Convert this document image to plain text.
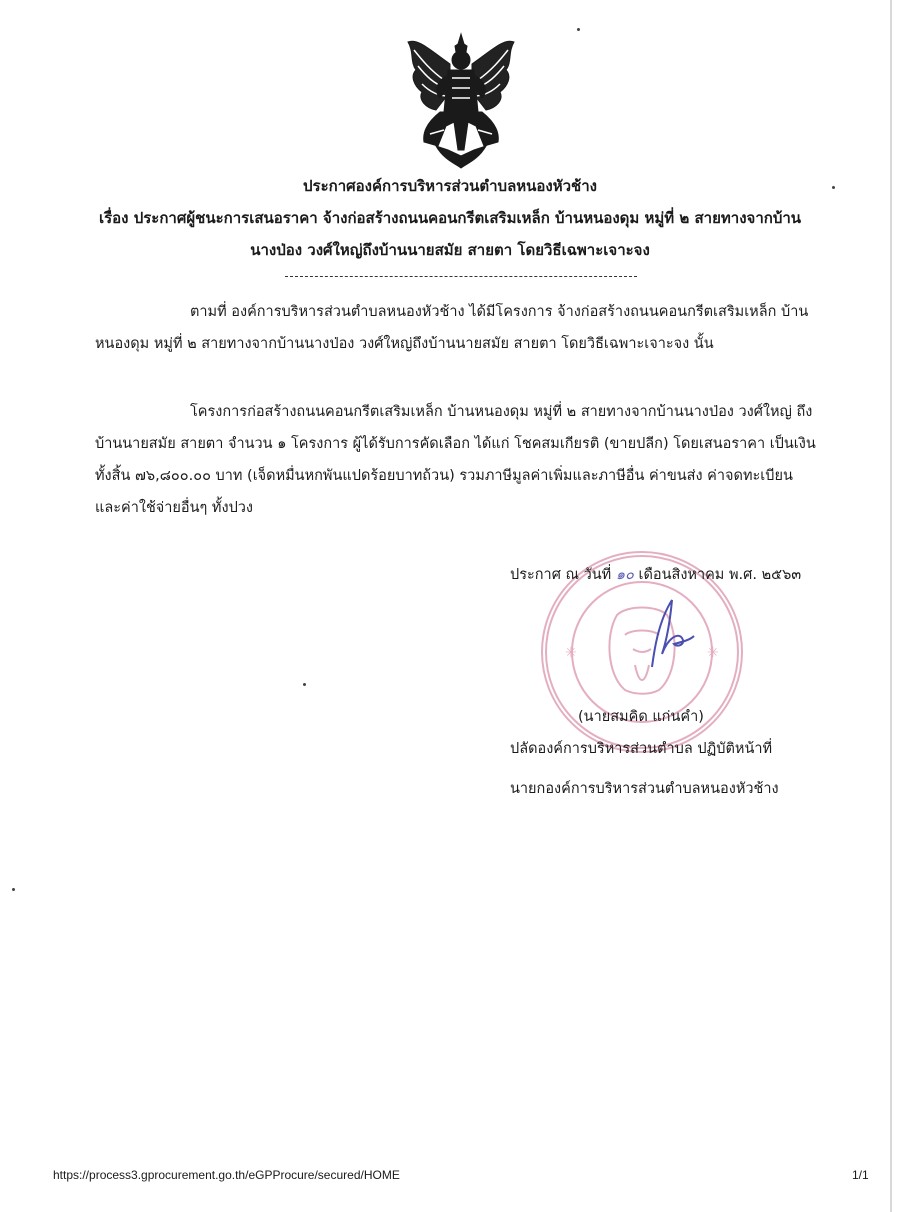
ประกาศองค์การบริหารส่วนตำบลหนองหัวช้าง
เรื่อง ประกาศผู้ชนะการเสนอราคา จ้างก่อสร้างถนนคอนกรีตเสริมเหล็ก บ้านหนองดุม หมู่ที่ ๒ สายทางจากบ้าน
นางป่อง วงศ์ใหญ่ถึงบ้านนายสมัย สายตา โดยวิธีเฉพาะเจาะจง
ตามที่ องค์การบริหารส่วนตำบลหนองหัวช้าง ได้มีโครงการ จ้างก่อสร้างถนนคอนกรีตเสริมเหล็ก บ้าน
หนองดุม หมู่ที่ ๒ สายทางจากบ้านนางป่อง วงศ์ใหญ่ถึงบ้านนายสมัย สายตา โดยวิธีเฉพาะเจาะจง นั้น
โครงการก่อสร้างถนนคอนกรีตเสริมเหล็ก บ้านหนองดุม หมู่ที่ ๒ สายทางจากบ้านนางป่อง วงศ์ใหญ่ ถึง
บ้านนายสมัย สายตา จำนวน ๑ โครงการ ผู้ได้รับการคัดเลือก ได้แก่ โชคสมเกียรติ (ขายปลีก) โดยเสนอราคา เป็นเงิน
ทั้งสิ้น ๗๖,๘๐๐.๐๐ บาท (เจ็ดหมื่นหกพันแปดร้อยบาทถ้วน) รวมภาษีมูลค่าเพิ่มและภาษีอื่น ค่าขนส่ง ค่าจดทะเบียน
และค่าใช้จ่ายอื่นๆ ทั้งปวง
✳	✳
ประกาศ ณ วันที่ ๑๐ เดือนสิงหาคม พ.ศ. ๒๕๖๓
(นายสมคิด แก่นคำ)
ปลัดองค์การบริหารส่วนตำบล ปฏิบัติหน้าที่
นายกองค์การบริหารส่วนตำบลหนองหัวช้าง
https://process3.gprocurement.go.th/eGPProcure/secured/HOME	1/1
